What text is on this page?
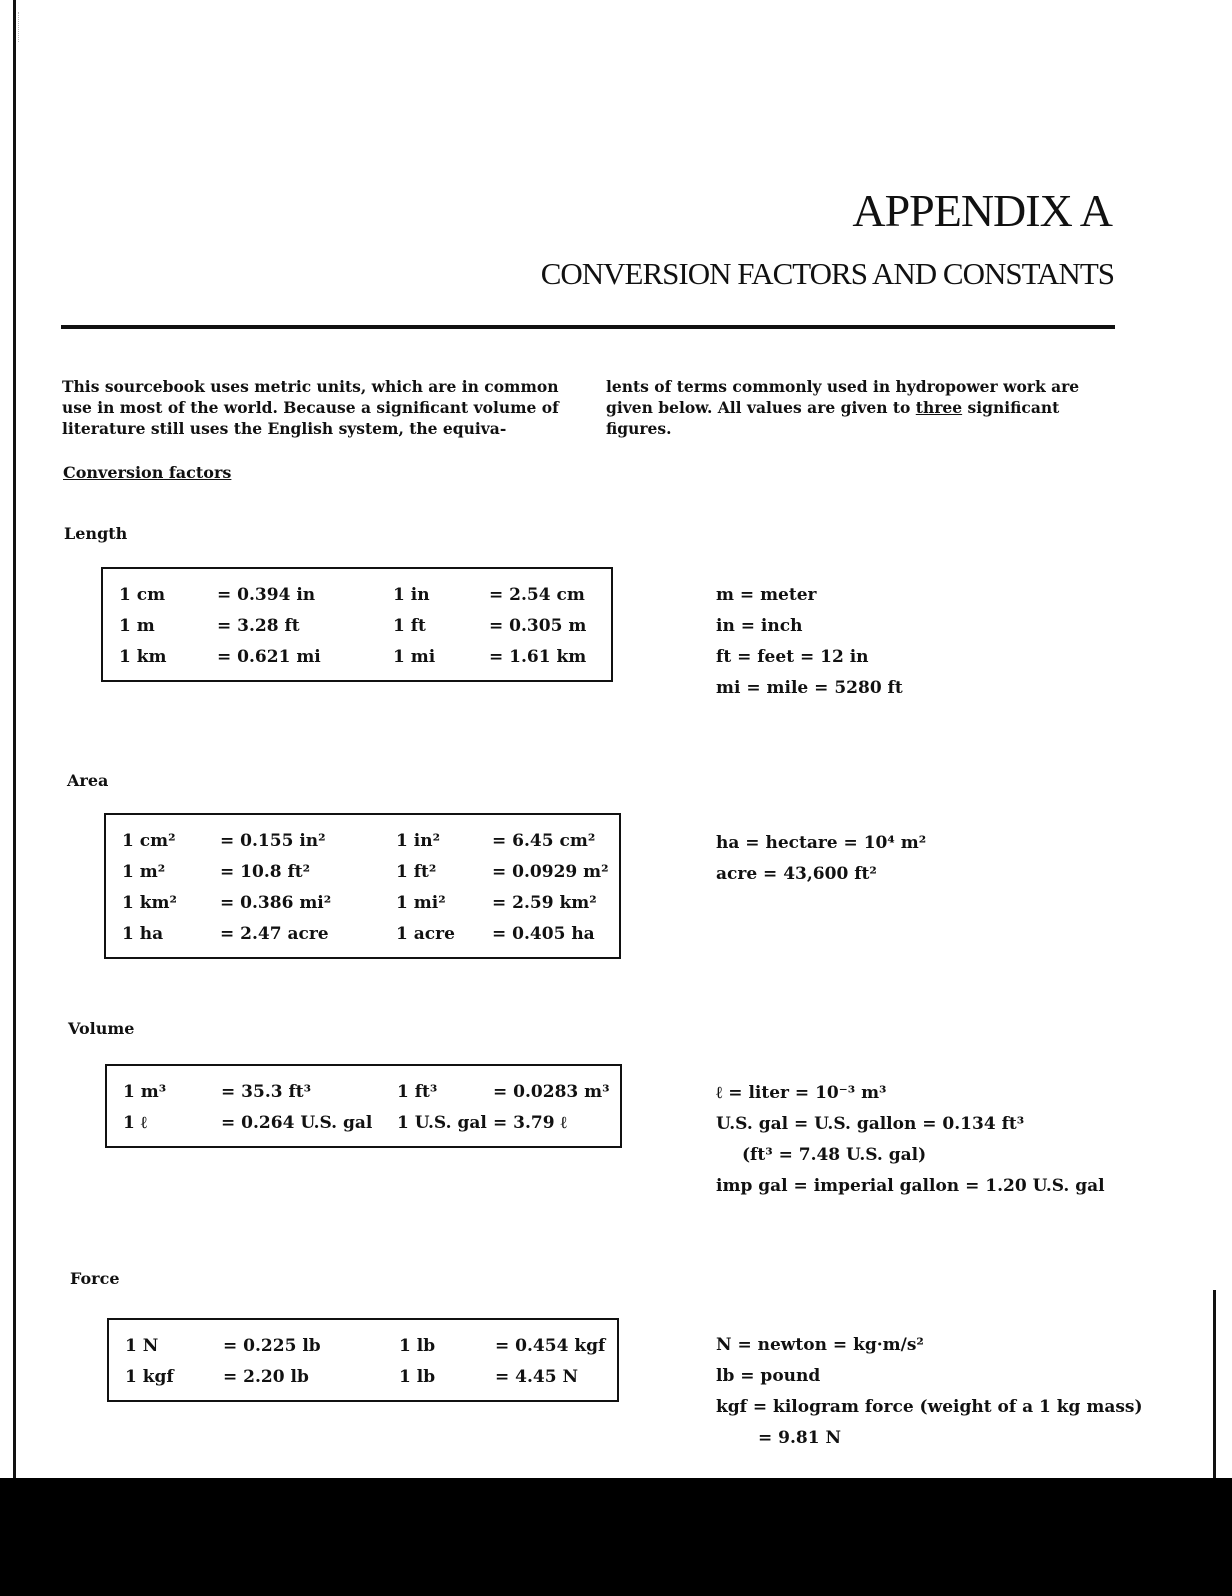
APPENDIX A
CONVERSION FACTORS AND CONSTANTS
This sourcebook uses metric units, which are in common use in most of the world. Because a significant volume of literature still uses the English system, the equiva-
lents of terms commonly used in hydropower work are given below. All values are given to three significant figures.
Conversion factors
Length
1 cm	= 0.394 in	1 in	= 2.54 cm
1 m	= 3.28 ft	1 ft	= 0.305 m
1 km	= 0.621 mi	1 mi	= 1.61 km
m = meter
in = inch
ft = feet = 12 in
mi = mile = 5280 ft
Area
1 cm²	= 0.155 in²	1 in²	= 6.45 cm²
1 m²	= 10.8 ft²	1 ft²	= 0.0929 m²
1 km²	= 0.386 mi²	1 mi²	= 2.59 km²
1 ha	= 2.47 acre	1 acre	= 0.405 ha
ha = hectare = 10⁴ m²
acre = 43,600 ft²
Volume
1 m³	= 35.3 ft³	1 ft³	= 0.0283 m³
1 ℓ	= 0.264 U.S. gal	1 U.S. gal	= 3.79 ℓ
ℓ = liter = 10⁻³ m³
U.S. gal = U.S. gallon = 0.134 ft³
(ft³ = 7.48 U.S. gal)
imp gal = imperial gallon = 1.20 U.S. gal
Force
1 N	= 0.225 lb	1 lb	= 0.454 kgf
1 kgf	= 2.20 lb	1 lb	= 4.45 N
N = newton = kg·m/s²
lb = pound
kgf = kilogram force (weight of a 1 kg mass)
= 9.81 N
